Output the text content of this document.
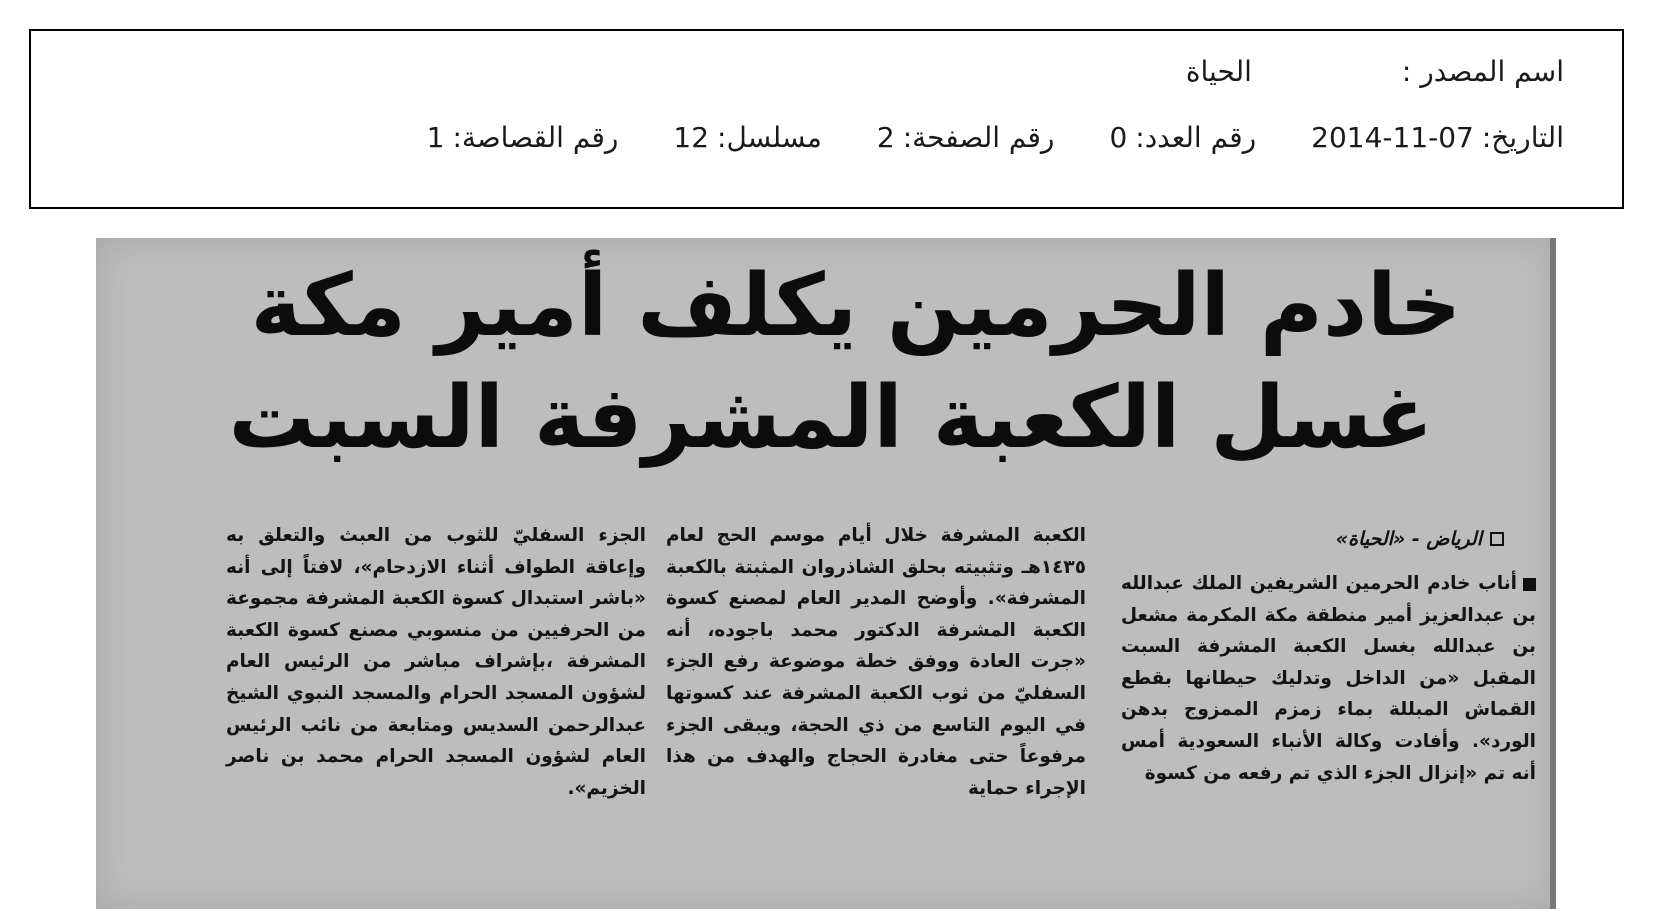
اسم المصدر :الحياة
التاريخ:2014-11-07رقم العدد:0رقم الصفحة:2مسلسل:12رقم القصاصة:1
خادم الحرمين يكلف أمير مكة
غسل الكعبة المشرفة السبت
الرياض - «الحياة»

أناب خادم الحرمين الشريفين الملك عبدالله بن عبدالعزيز أمير منطقة مكة المكرمة مشعل بن عبدالله بغسل الكعبة المشرفة السبت المقبل «من الداخل وتدليك حيطانها بقطع القماش المبللة بماء زمزم الممزوج بدهن الورد». وأفادت وكالة الأنباء السعودية أمس أنه تم «إنزال الجزء الذي تم رفعه من كسوة

الكعبة المشرفة خلال أيام موسم الحج لعام ١٤٣٥هـ وتثبيته بحلق الشاذروان المثبتة بالكعبة المشرفة». وأوضح المدير العام لمصنع كسوة الكعبة المشرفة الدكتور محمد باجوده، أنه «جرت العادة ووفق خطة موضوعة رفع الجزء السفليّ من ثوب الكعبة المشرفة عند كسوتها في اليوم التاسع من ذي الحجة، ويبقى الجزء مرفوعاً حتى مغادرة الحجاج والهدف من هذا الإجراء حماية

الجزء السفليّ للثوب من العبث والتعلق به وإعاقة الطواف أثناء الازدحام»، لافتاً إلى أنه «باشر استبدال كسوة الكعبة المشرفة مجموعة من الحرفيين من منسوبي مصنع كسوة الكعبة المشرفة ،بإشراف مباشر من الرئيس العام لشؤون المسجد الحرام والمسجد النبوي الشيخ عبدالرحمن السديس ومتابعة من نائب الرئيس العام لشؤون المسجد الحرام محمد بن ناصر الخزيم».
